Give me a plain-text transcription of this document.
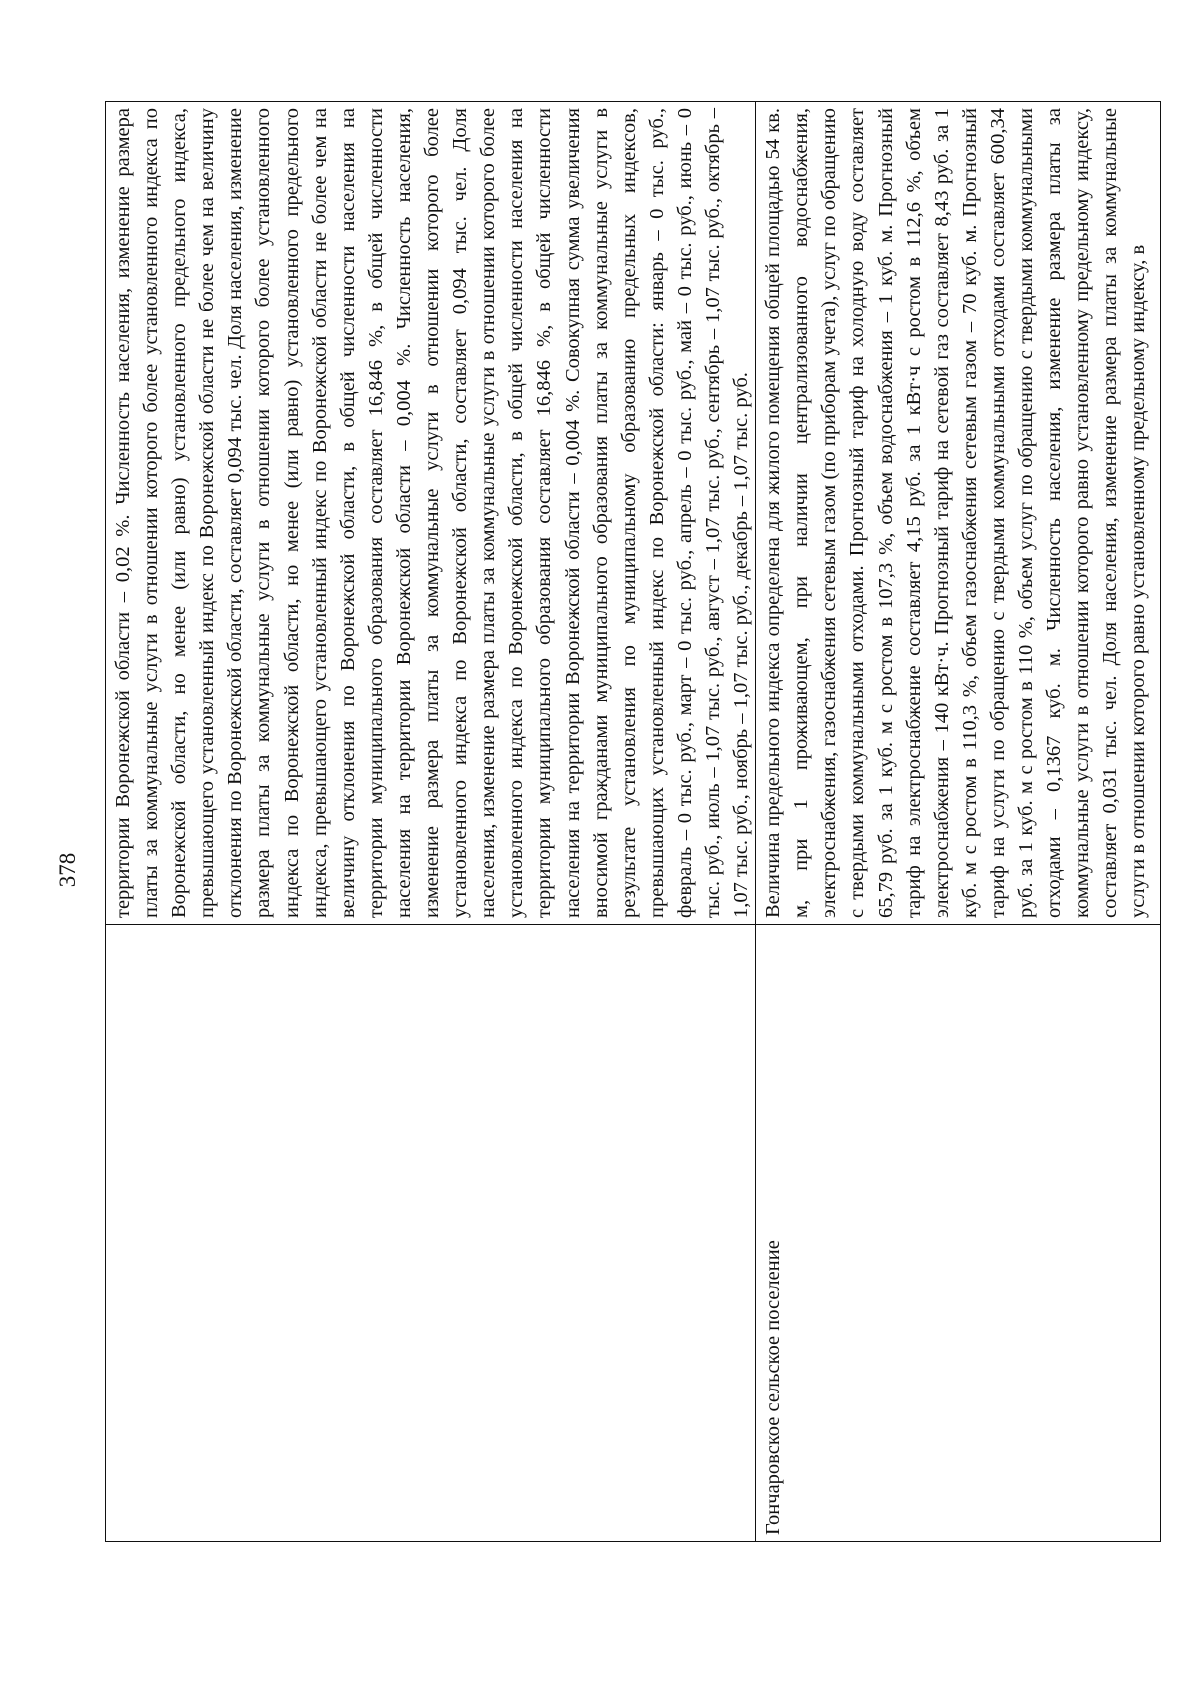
378

	территории Воронежской области – 0,02 %. Численность населения, изменение размера платы за коммунальные услуги в отношении которого более установленного индекса по Воронежской области, но менее (или равно) установленного предельного индекса, превышающего установленный индекс по Воронежской области не более чем на величину отклонения по Воронежской области, составляет 0,094 тыс. чел. Доля населения, изменение размера платы за коммунальные услуги в отношении которого более установленного индекса по Воронежской области, но менее (или равно) установленного предельного индекса, превышающего установленный индекс по Воронежской области не более чем на величину отклонения по Воронежской области, в общей численности населения на территории муниципального образования составляет 16,846 %, в общей численности населения на территории Воронежской области – 0,004 %. Численность населения, изменение размера платы за коммунальные услуги в отношении которого более установленного индекса по Воронежской области, составляет 0,094 тыс. чел. Доля населения, изменение размера платы за коммунальные услуги в отношении которого более установленного индекса по Воронежской области, в общей численности населения на территории муниципального образования составляет 16,846 %, в общей численности населения на территории Воронежской области – 0,004 %. Совокупная сумма увеличения вносимой гражданами муниципального образования платы за коммунальные услуги в результате установления по муниципальному образованию предельных индексов, превышающих установленный индекс по Воронежской области: январь – 0 тыс. руб., февраль – 0 тыс. руб., март – 0 тыс. руб., апрель – 0 тыс. руб., май – 0 тыс. руб., июнь – 0 тыс. руб., июль – 1,07 тыс. руб., август – 1,07 тыс. руб., сентябрь – 1,07 тыс. руб., октябрь – 1,07 тыс. руб., ноябрь – 1,07 тыс. руб., декабрь – 1,07 тыс. руб.

Гончаровское сельское поселение	Величина предельного индекса определена для жилого помещения общей площадью 54 кв. м, при 1 проживающем, при наличии централизованного водоснабжения, электроснабжения, газоснабжения сетевым газом (по приборам учета), услуг по обращению с твердыми коммунальными отходами. Прогнозный тариф на холодную воду составляет 65,79 руб. за 1 куб. м с ростом в 107,3 %, объем водоснабжения – 1 куб. м. Прогнозный тариф на электроснабжение составляет 4,15 руб. за 1 кВт·ч с ростом в 112,6 %, объем электроснабжения – 140 кВт·ч. Прогнозный тариф на сетевой газ составляет 8,43 руб. за 1 куб. м с ростом в 110,3 %, объем газоснабжения сетевым газом – 70 куб. м. Прогнозный тариф на услуги по обращению с твердыми коммунальными отходами составляет 600,34 руб. за 1 куб. м с ростом в 110 %, объем услуг по обращению с твердыми коммунальными отходами – 0,1367 куб. м. Численность населения, изменение размера платы за коммунальные услуги в отношении которого равно установленному предельному индексу, составляет 0,031 тыс. чел. Доля населения, изменение размера платы за коммунальные услуги в отношении которого равно установленному предельному индексу, в
